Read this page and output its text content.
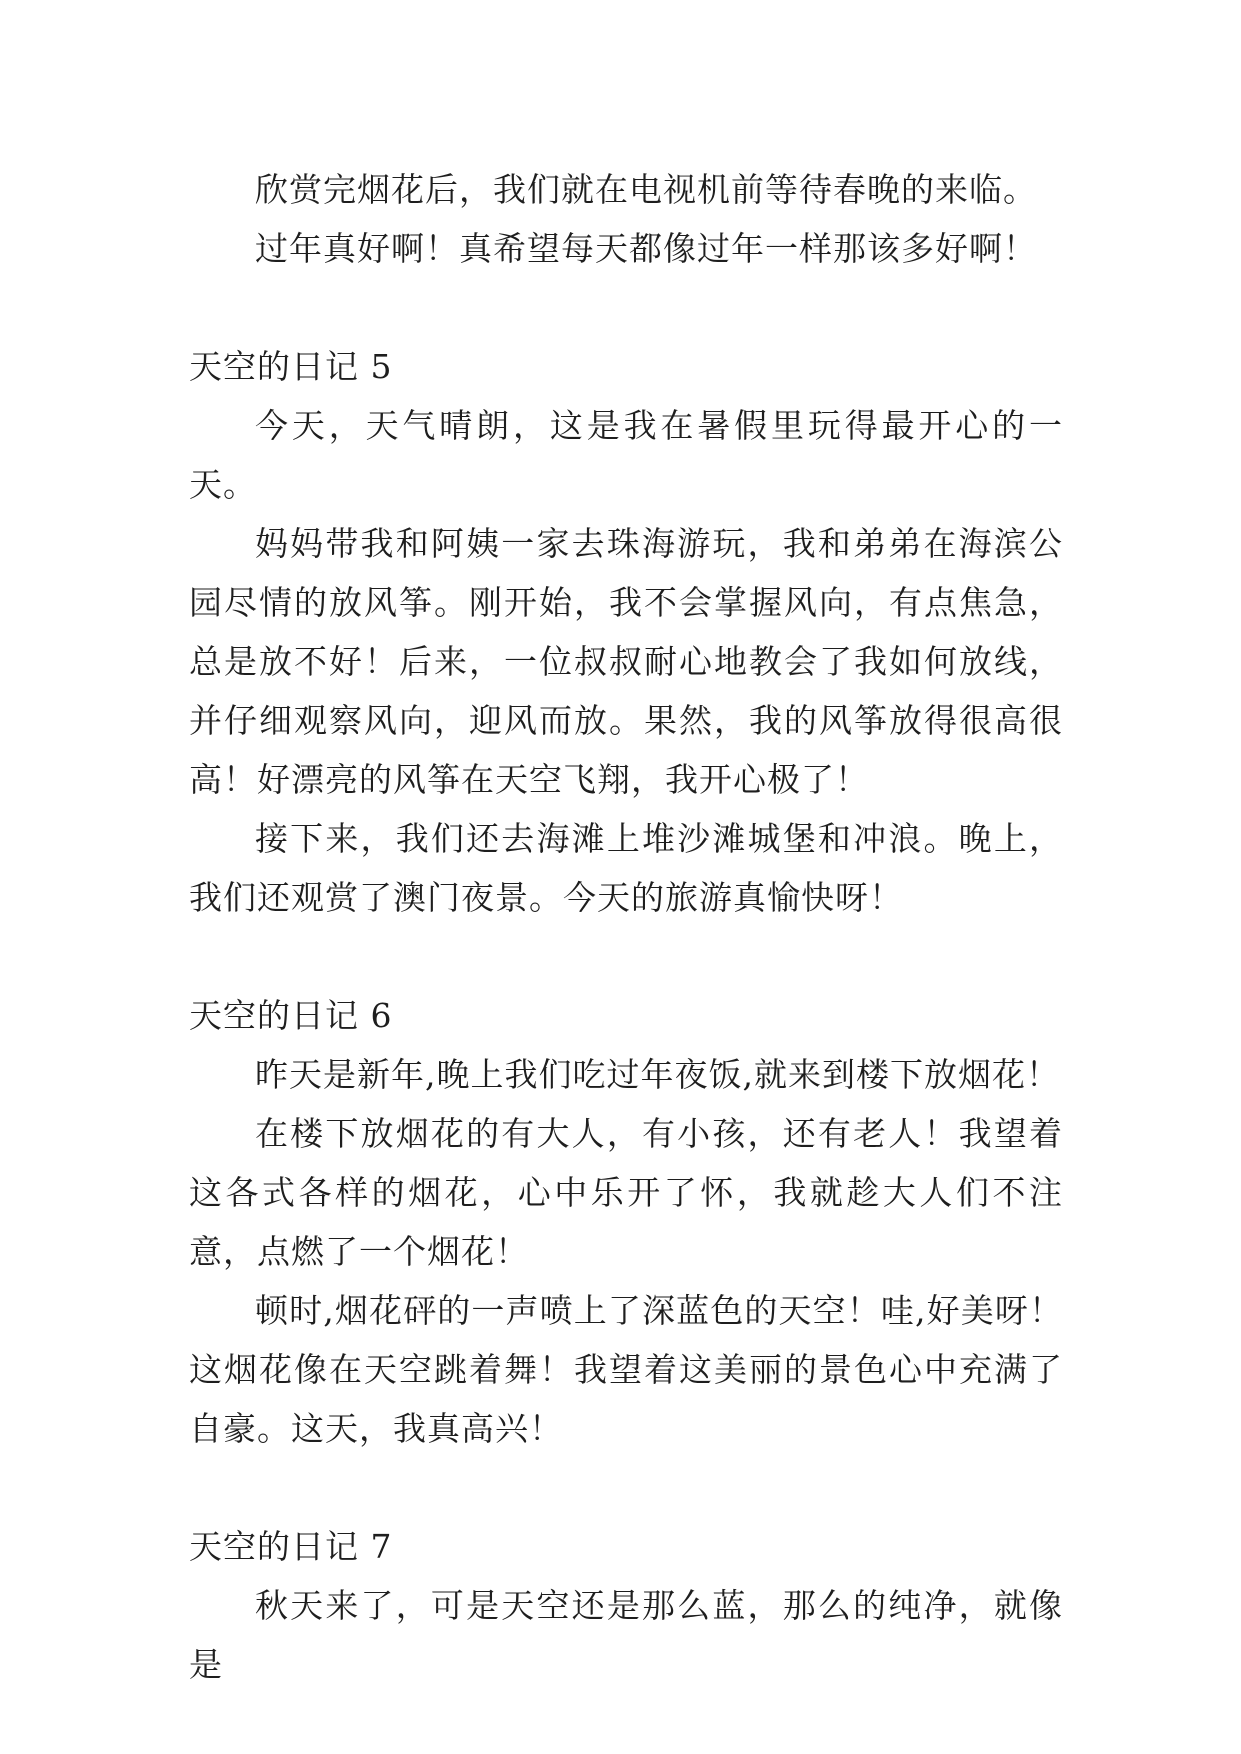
欣赏完烟花后，我们就在电视机前等待春晚的来临。

过年真好啊！真希望每天都像过年一样那该多好啊！

天空的日记 5

今天，天气晴朗，这是我在暑假里玩得最开心的一天。

妈妈带我和阿姨一家去珠海游玩，我和弟弟在海滨公园尽情的放风筝。刚开始，我不会掌握风向，有点焦急，总是放不好！后来，一位叔叔耐心地教会了我如何放线，并仔细观察风向，迎风而放。果然，我的风筝放得很高很高！好漂亮的风筝在天空飞翔，我开心极了！

接下来，我们还去海滩上堆沙滩城堡和冲浪。晚上，我们还观赏了澳门夜景。今天的旅游真愉快呀！

天空的日记 6

昨天是新年,晚上我们吃过年夜饭,就来到楼下放烟花！

在楼下放烟花的有大人，有小孩，还有老人！我望着这各式各样的烟花，心中乐开了怀，我就趁大人们不注意，点燃了一个烟花！

顿时,烟花砰的一声喷上了深蓝色的天空！哇,好美呀！这烟花像在天空跳着舞！我望着这美丽的景色心中充满了自豪。这天，我真高兴！

天空的日记 7

秋天来了，可是天空还是那么蓝，那么的纯净，就像是
